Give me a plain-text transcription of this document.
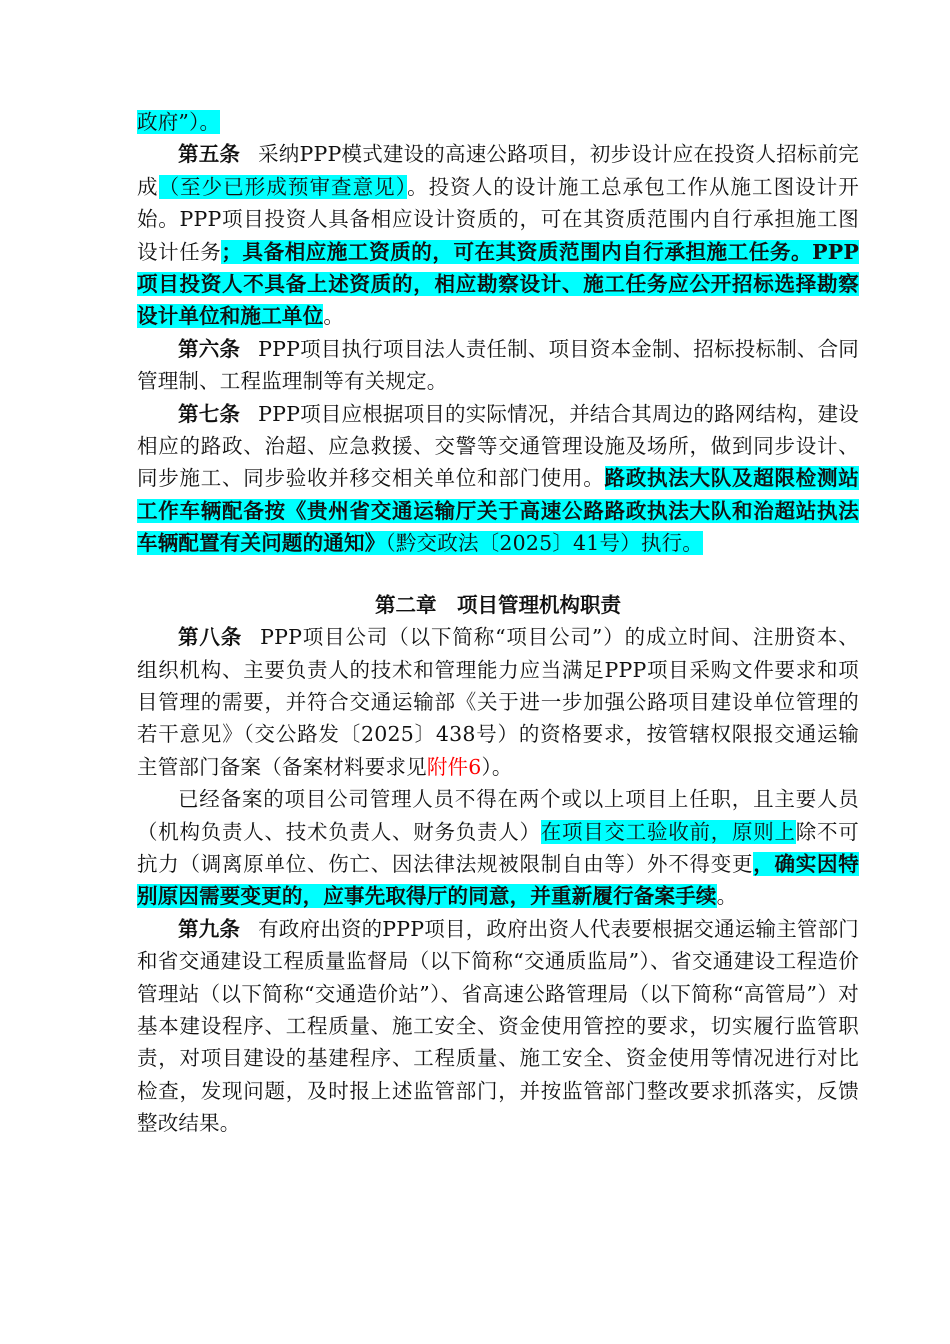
政府”）。

第五条 采纳PPP模式建设的高速公路项目，初步设计应在投资人招标前完成（至少已形成预审查意见）。投资人的设计施工总承包工作从施工图设计开始。PPP项目投资人具备相应设计资质的，可在其资质范围内自行承担施工图设计任务；具备相应施工资质的，可在其资质范围内自行承担施工任务。PPP项目投资人不具备上述资质的，相应勘察设计、施工任务应公开招标选择勘察设计单位和施工单位。

第六条 PPP项目执行项目法人责任制、项目资本金制、招标投标制、合同管理制、工程监理制等有关规定。

第七条 PPP项目应根据项目的实际情况，并结合其周边的路网结构，建设相应的路政、治超、应急救援、交警等交通管理设施及场所，做到同步设计、同步施工、同步验收并移交相关单位和部门使用。路政执法大队及超限检测站工作车辆配备按《贵州省交通运输厅关于高速公路路政执法大队和治超站执法车辆配置有关问题的通知》（黔交政法〔2025〕41号）执行。

第二章　项目管理机构职责

第八条 PPP项目公司（以下简称“项目公司”）的成立时间、注册资本、组织机构、主要负责人的技术和管理能力应当满足PPP项目采购文件要求和项目管理的需要，并符合交通运输部《关于进一步加强公路项目建设单位管理的若干意见》（交公路发〔2025〕438号）的资格要求，按管辖权限报交通运输主管部门备案（备案材料要求见附件6）。

已经备案的项目公司管理人员不得在两个或以上项目上任职，且主要人员（机构负责人、技术负责人、财务负责人）在项目交工验收前，原则上除不可抗力（调离原单位、伤亡、因法律法规被限制自由等）外不得变更，确实因特别原因需要变更的，应事先取得厅的同意，并重新履行备案手续。

第九条 有政府出资的PPP项目，政府出资人代表要根据交通运输主管部门和省交通建设工程质量监督局（以下简称“交通质监局”）、省交通建设工程造价管理站（以下简称“交通造价站”）、省高速公路管理局（以下简称“高管局”）对基本建设程序、工程质量、施工安全、资金使用管控的要求，切实履行监管职责，对项目建设的基建程序、工程质量、施工安全、资金使用等情况进行对比检查，发现问题，及时报上述监管部门，并按监管部门整改要求抓落实，反馈整改结果。
